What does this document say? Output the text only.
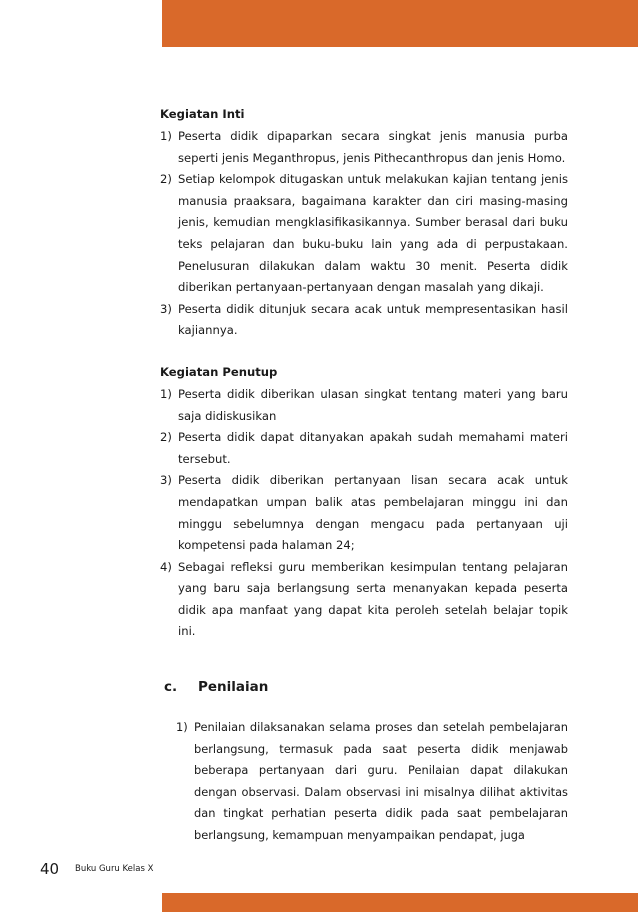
Kegiatan Inti

1) Peserta didik dipaparkan secara singkat jenis manusia purba seperti jenis Meganthropus, jenis Pithecanthropus dan jenis Homo.
2) Setiap kelompok ditugaskan untuk melakukan kajian tentang jenis manusia praaksara, bagaimana karakter dan ciri masing-masing jenis, kemudian mengklasifikasikannya. Sumber berasal dari buku teks pelajaran dan buku-buku lain yang ada di perpustakaan. Penelusuran dilakukan dalam waktu 30 menit. Peserta didik diberikan pertanyaan-pertanyaan dengan masalah yang dikaji.
3) Peserta didik ditunjuk secara acak untuk mempresentasikan hasil kajiannya.

Kegiatan Penutup

1) Peserta didik diberikan ulasan singkat tentang materi yang baru saja didiskusikan
2) Peserta didik dapat ditanyakan apakah sudah memahami materi tersebut.
3) Peserta didik diberikan pertanyaan lisan secara acak untuk mendapatkan umpan balik atas pembelajaran minggu ini dan minggu sebelumnya dengan mengacu pada pertanyaan uji kompetensi pada halaman 24;
4) Sebagai refleksi guru memberikan kesimpulan tentang pelajaran yang baru saja berlangsung serta menanyakan kepada peserta didik apa manfaat yang dapat kita peroleh setelah belajar topik ini.
c. Penilaian
1) Penilaian dilaksanakan selama proses dan setelah pembelajaran berlangsung, termasuk pada saat peserta didik menjawab beberapa pertanyaan dari guru. Penilaian dapat dilakukan dengan observasi. Dalam observasi ini misalnya dilihat aktivitas dan tingkat perhatian peserta didik pada saat pembelajaran berlangsung, kemampuan menyampaikan pendapat, juga
40 Buku Guru Kelas X
